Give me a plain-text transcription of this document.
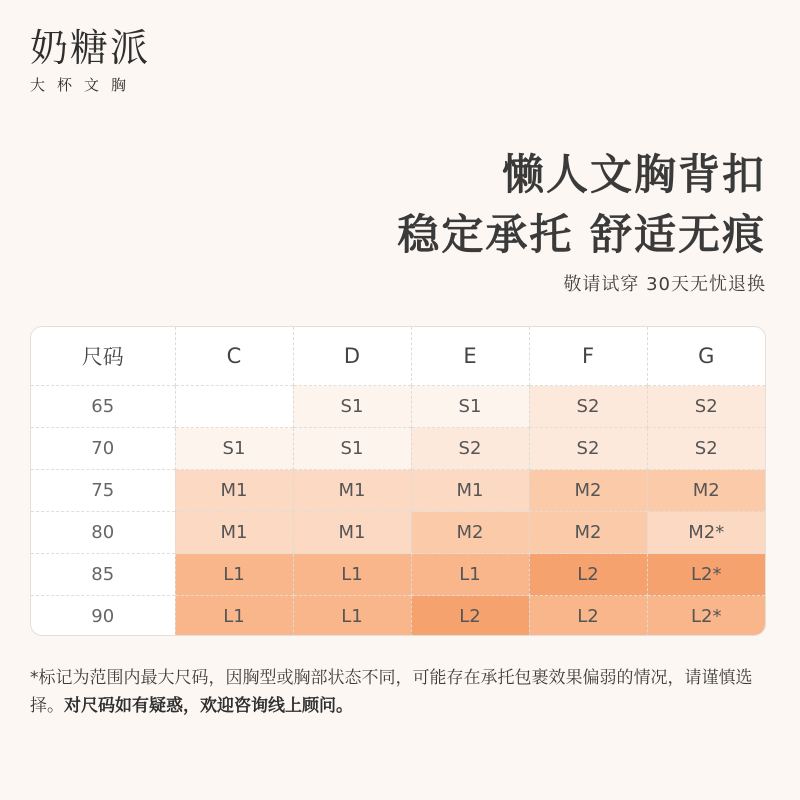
奶糖派
大杯文胸
懒人文胸背扣
稳定承托 舒适无痕
敬请试穿 30天无忧退换
尺码	C	D	E	F	G
65		S1	S1	S2	S2
70	S1	S1	S2	S2	S2
75	M1	M1	M1	M2	M2
80	M1	M1	M2	M2	M2*
85	L1	L1	L1	L2	L2*
90	L1	L1	L2	L2	L2*
*标记为范围内最大尺码，因胸型或胸部状态不同，可能存在承托包裹效果偏弱的情况，请谨慎选择。对尺码如有疑惑，欢迎咨询线上顾问。
